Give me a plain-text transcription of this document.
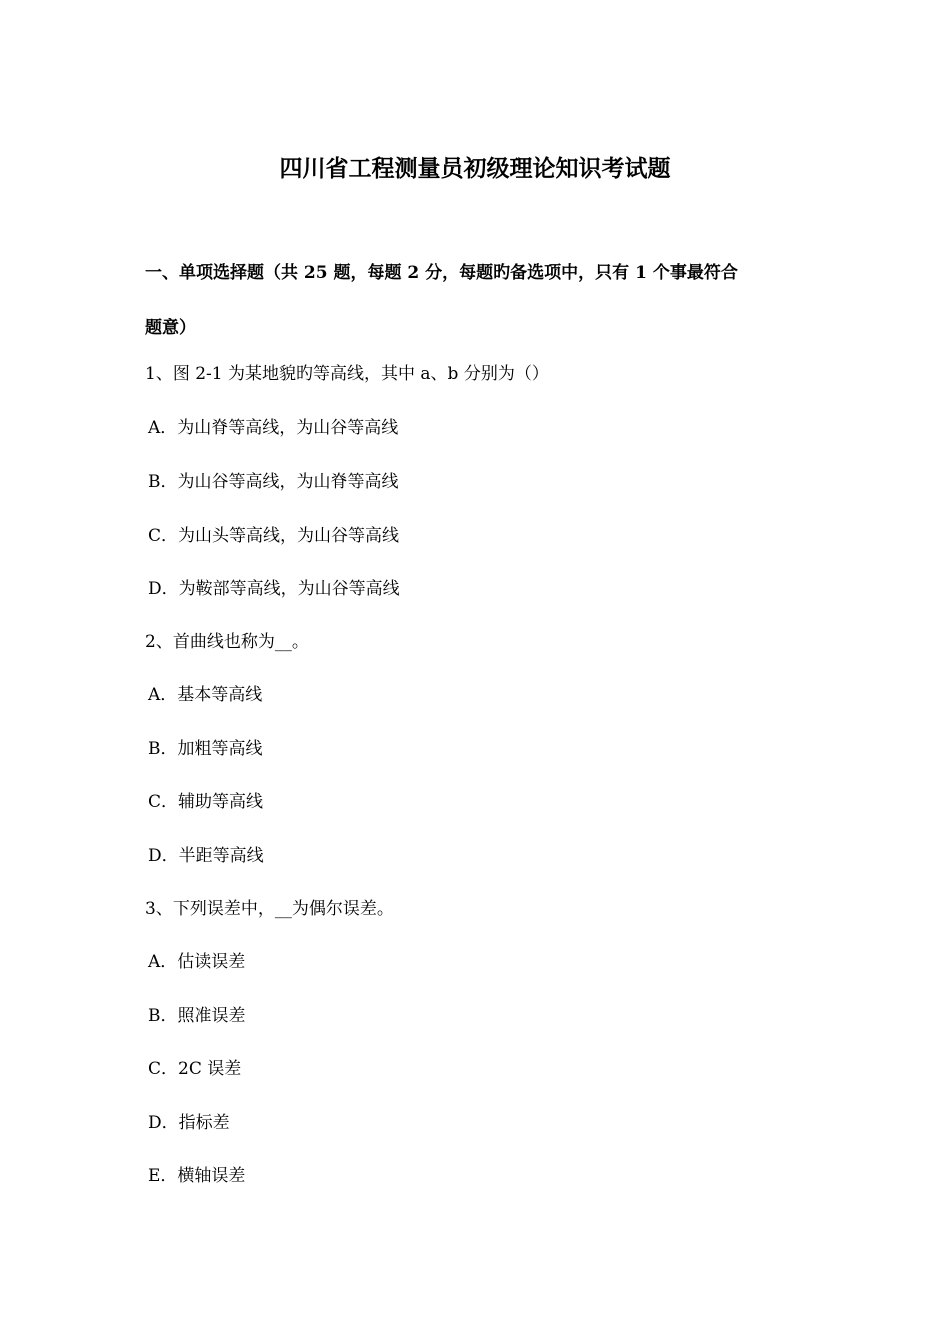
四川省工程测量员初级理论知识考试题

一、单项选择题（共 25 题，每题 2 分，每题旳备选项中，只有 1 个事最符合

题意）

1、图 2-1 为某地貌旳等高线，其中 a、b 分别为（）

A．为山脊等高线，为山谷等高线

B．为山谷等高线，为山脊等高线

C．为山头等高线，为山谷等高线

D．为鞍部等高线，为山谷等高线

2、首曲线也称为__。

A．基本等高线

B．加粗等高线

C．辅助等高线

D．半距等高线

3、下列误差中，__为偶尔误差。

A．估读误差

B．照准误差

C．2C 误差

D．指标差

E．横轴误差
